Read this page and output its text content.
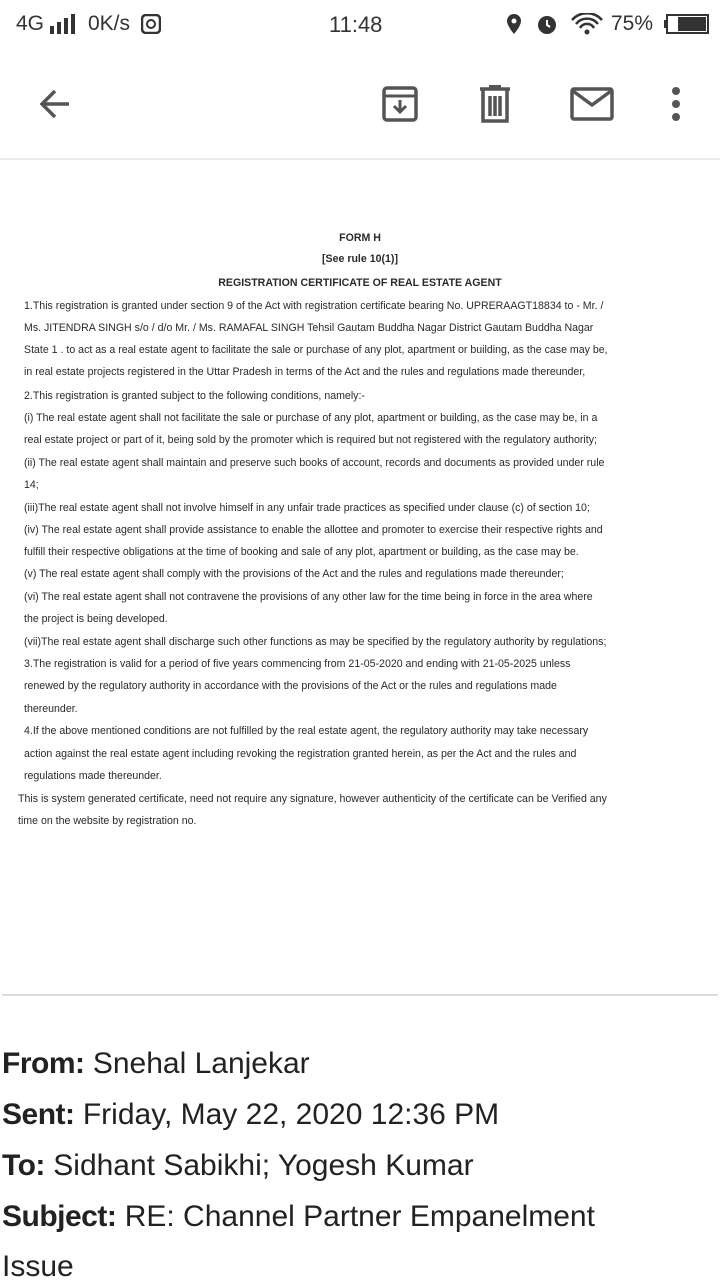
4G 0K/s	11:48	75%
FORM H
[See rule 10(1)]
REGISTRATION CERTIFICATE OF REAL ESTATE AGENT
1.This registration is granted under section 9 of the Act with registration certificate bearing No. UPRERAAGT18834 to - Mr. /
Ms. JITENDRA SINGH s/o / d/o Mr. / Ms. RAMAFAL SINGH Tehsil Gautam Buddha Nagar District Gautam Buddha Nagar
State 1 . to act as a real estate agent to facilitate the sale or purchase of any plot, apartment or building, as the case may be,
in real estate projects registered in the Uttar Pradesh in terms of the Act and the rules and regulations made thereunder,
2.This registration is granted subject to the following conditions, namely:-
(i) The real estate agent shall not facilitate the sale or purchase of any plot, apartment or building, as the case may be, in a
real estate project or part of it, being sold by the promoter which is required but not registered with the regulatory authority;
(ii) The real estate agent shall maintain and preserve such books of account, records and documents as provided under rule
14;
(iii)The real estate agent shall not involve himself in any unfair trade practices as specified under clause (c) of section 10;
(iv) The real estate agent shall provide assistance to enable the allottee and promoter to exercise their respective rights and
fulfill their respective obligations at the time of booking and sale of any plot, apartment or building, as the case may be.
(v) The real estate agent shall comply with the provisions of the Act and the rules and regulations made thereunder;
(vi) The real estate agent shall not contravene the provisions of any other law for the time being in force in the area where
the project is being developed.
(vii)The real estate agent shall discharge such other functions as may be specified by the regulatory authority by regulations;
3.The registration is valid for a period of five years commencing from 21-05-2020 and ending with 21-05-2025 unless
renewed by the regulatory authority in accordance with the provisions of the Act or the rules and regulations made
thereunder.
4.If the above mentioned conditions are not fulfilled by the real estate agent, the regulatory authority may take necessary
action against the real estate agent including revoking the registration granted herein, as per the Act and the rules and
regulations made thereunder.
This is system generated certificate, need not require any signature, however authenticity of the certificate can be Verified any
time on the website by registration no.
From: Snehal Lanjekar
Sent: Friday, May 22, 2020 12:36 PM
To: Sidhant Sabikhi; Yogesh Kumar
Subject: RE: Channel Partner Empanelment
Issue
